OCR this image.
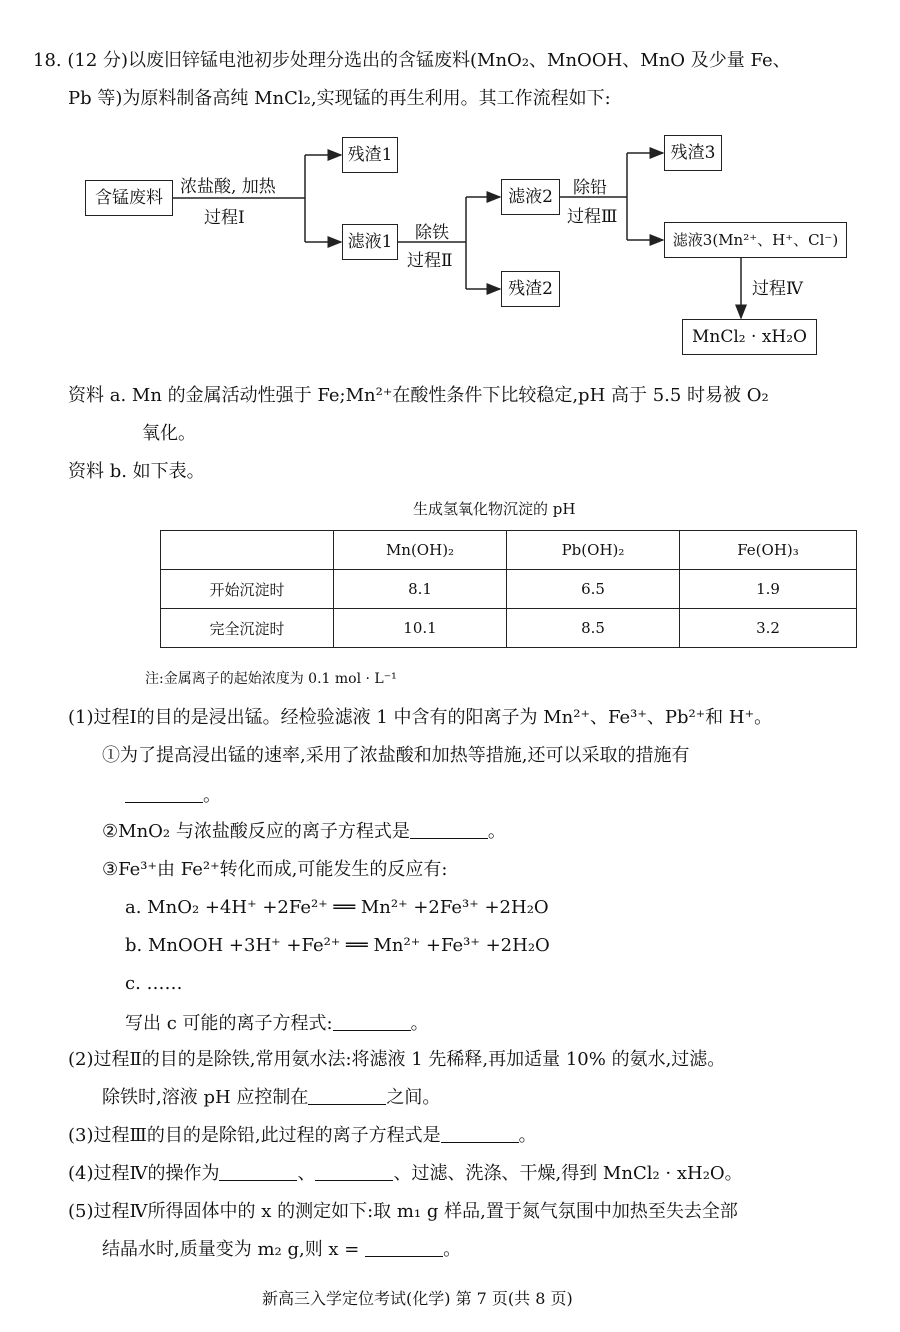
18. (12 分)以废旧锌锰电池初步处理分选出的含锰废料(MnO₂、MnOOH、MnO 及少量 Fe、
Pb 等)为原料制备高纯 MnCl₂,实现锰的再生利用。其工作流程如下:
含锰废料
残渣1
滤液1
滤液2
残渣2
残渣3
滤液3(Mn²⁺、H⁺、Cl⁻)
MnCl₂ · xH₂O
浓盐酸, 加热
过程Ⅰ
除铁
过程Ⅱ
除铅
过程Ⅲ
过程Ⅳ
资料 a. Mn 的金属活动性强于 Fe;Mn²⁺在酸性条件下比较稳定,pH 高于 5.5 时易被 O₂
氧化。
资料 b. 如下表。
生成氢氧化物沉淀的 pH
	Mn(OH)₂	Pb(OH)₂	Fe(OH)₃
开始沉淀时	8.1	6.5	1.9
完全沉淀时	10.1	8.5	3.2
注:金属离子的起始浓度为 0.1 mol · L⁻¹
(1)过程Ⅰ的目的是浸出锰。经检验滤液 1 中含有的阳离子为 Mn²⁺、Fe³⁺、Pb²⁺和 H⁺。
①为了提高浸出锰的速率,采用了浓盐酸和加热等措施,还可以采取的措施有
。
②MnO₂ 与浓盐酸反应的离子方程式是	。
③Fe³⁺由 Fe²⁺转化而成,可能发生的反应有:
a. MnO₂ +4H⁺ +2Fe²⁺ ══ Mn²⁺ +2Fe³⁺ +2H₂O
b. MnOOH +3H⁺ +Fe²⁺ ══ Mn²⁺ +Fe³⁺ +2H₂O
c. ……
写出 c 可能的离子方程式:	。
(2)过程Ⅱ的目的是除铁,常用氨水法:将滤液 1 先稀释,再加适量 10% 的氨水,过滤。
除铁时,溶液 pH 应控制在	之间。
(3)过程Ⅲ的目的是除铅,此过程的离子方程式是	。
(4)过程Ⅳ的操作为	、	、过滤、洗涤、干燥,得到 MnCl₂ · xH₂O。
(5)过程Ⅳ所得固体中的 x 的测定如下:取 m₁ g 样品,置于氮气氛围中加热至失去全部
结晶水时,质量变为 m₂ g,则 x =	。
新高三入学定位考试(化学) 第 7 页(共 8 页)
